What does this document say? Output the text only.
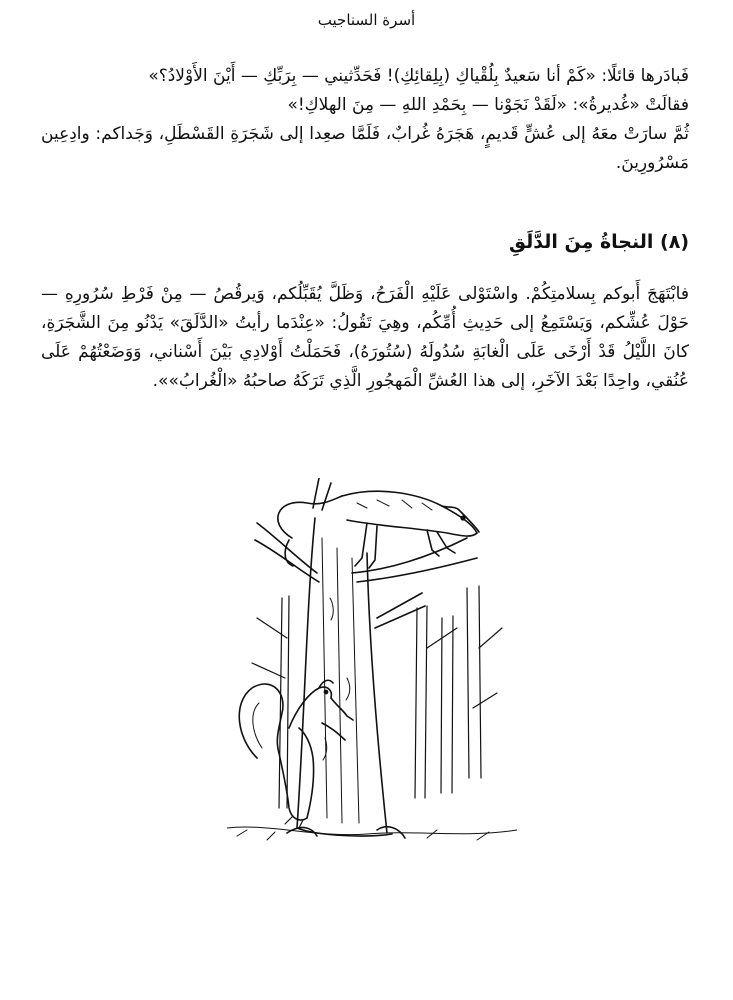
أسرة السناجيب

فَبادَرها قائلًا: «كَمْ أنا سَعيدٌ بِلُقْياكِ (بِلِقائِكِ)! فَحَدِّثيني — بِرَبِّكِ — أَيْنَ الأَوْلادُ؟»

فقالَتْ «غُديرةُ»: «لَقَدْ نَجَوْنا — بِحَمْدِ اللهِ — مِنَ الهلاكِ!»

ثُمَّ سارَتْ معَهُ إلى عُشٍّ قَديمٍ، هَجَرَهُ غُرابٌ، فَلَمَّا صعِدا إلى شَجَرَةِ القَسْطَلِ، وَجَداكم: وادِعِين مَسْرُورِينَ.

(٨) النجاةُ مِنَ الدَّلَقِ

فابْتَهَجَ أَبوكم بِسلامتِكُمْ. واسْتَوْلى عَلَيْهِ الْفَرَحُ، وَظَلَّ يُقَبِّلُكم، وَيرقُصُ — مِنْ فَرْطِ سُرُورِهِ — حَوْلَ عُشِّكم، وَيَسْتَمِعُ إلى حَدِيثِ أُمِّكُم، وهِيَ تَقُولُ: «عِنْدَما رأيتُ «الدَّلَقَ» يَدْنُو مِنَ الشَّجَرَةِ، كانَ اللَّيْلُ قَدْ أَرْخَى عَلَى الْغابَةِ سُدُولَهُ (سُتُورَهُ)، فَحَمَلْتُ أَوْلادِي بَيْنَ أَسْناني، وَوَضَعْتُهُمْ عَلَى عُنُقي، واحِدًا بَعْدَ الآخَرِ، إلى هذا العُشِّ الْمَهجُورِ الَّذِي تَرَكَهُ صاحبُهُ «الْغُرابُ»».
